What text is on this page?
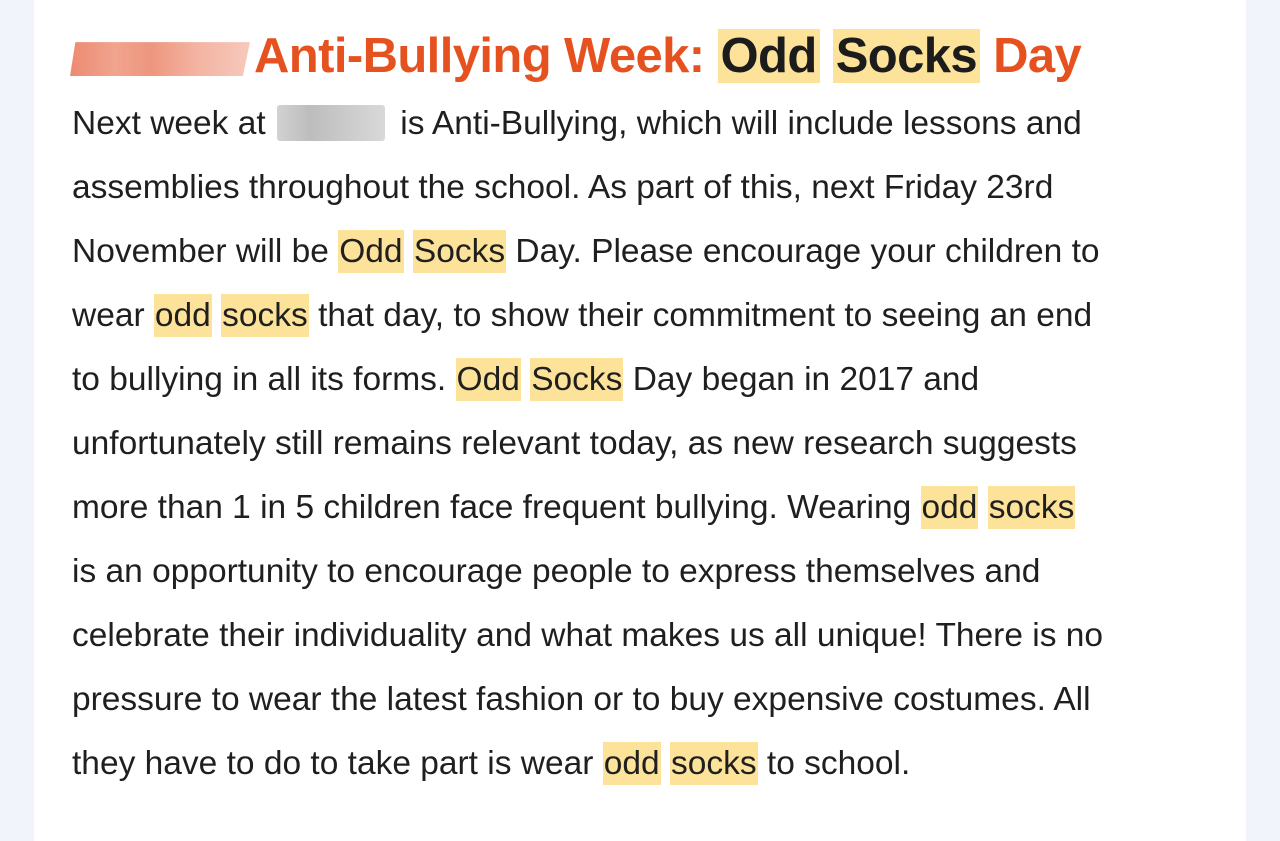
Anti-Bullying Week: Odd Socks Day
Next week at	is Anti-Bullying, which will include lessons and
assemblies throughout the school. As part of this, next Friday 23rd
November will be Odd Socks Day. Please encourage your children to
wear odd socks that day, to show their commitment to seeing an end
to bullying in all its forms. Odd Socks Day began in 2017 and
unfortunately still remains relevant today, as new research suggests
more than 1 in 5 children face frequent bullying. Wearing odd socks
is an opportunity to encourage people to express themselves and
celebrate their individuality and what makes us all unique! There is no
pressure to wear the latest fashion or to buy expensive costumes. All
they have to do to take part is wear odd socks to school.
